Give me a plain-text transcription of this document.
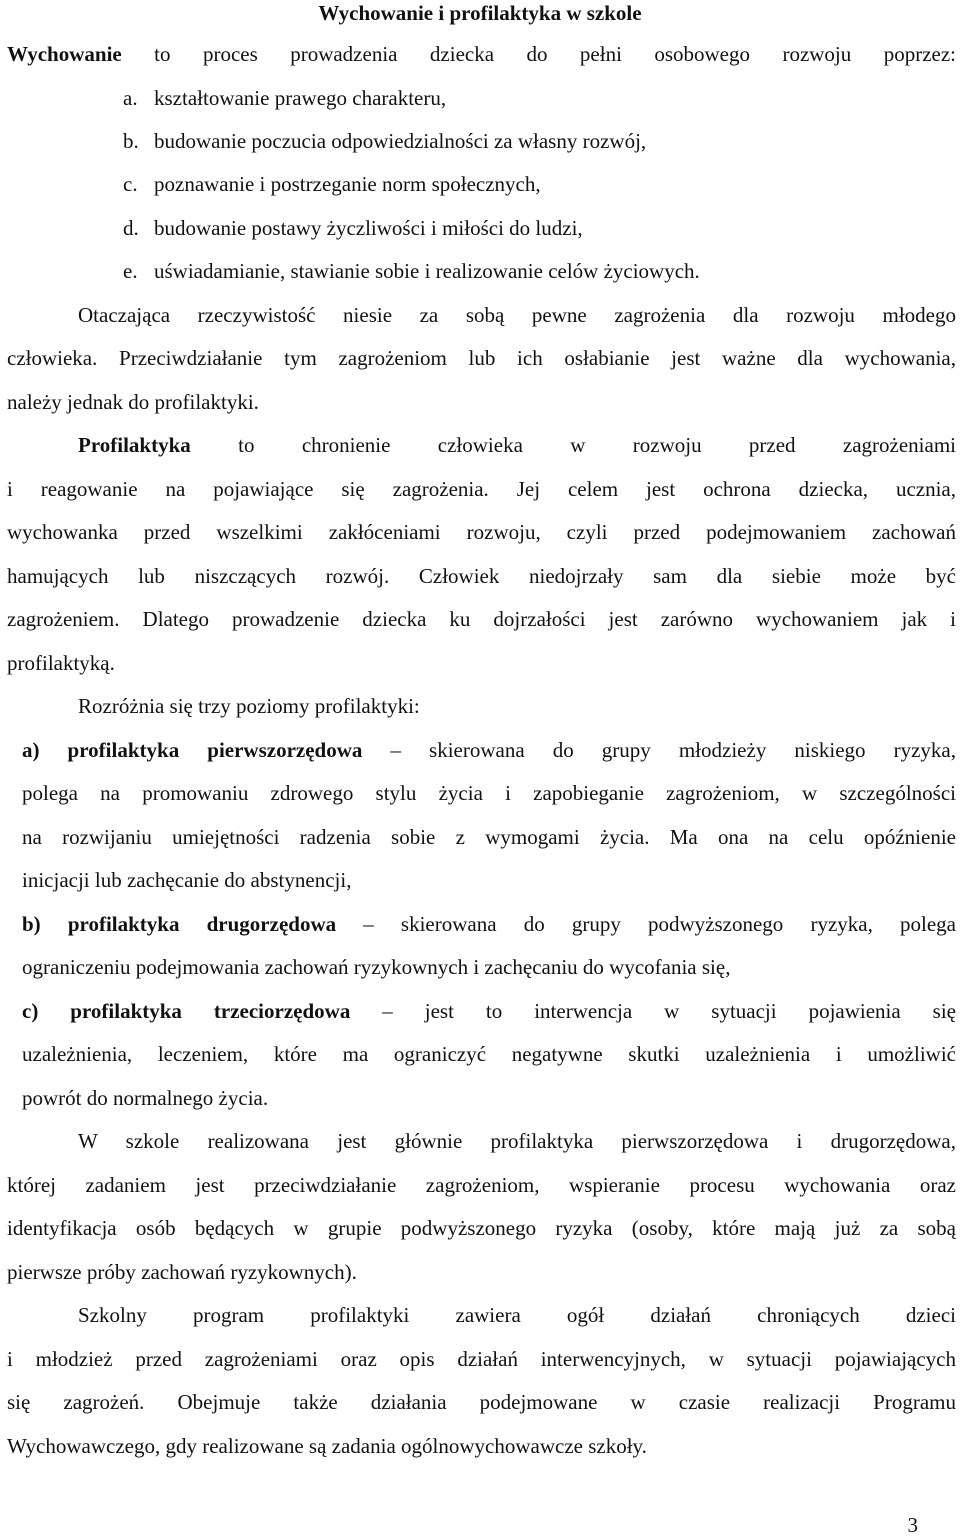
Wychowanie i profilaktyka w szkole
Wychowanie to proces prowadzenia dziecka do pełni osobowego rozwoju poprzez:
a. kształtowanie prawego charakteru,
b. budowanie poczucia odpowiedzialności za własny rozwój,
c. poznawanie i postrzeganie norm społecznych,
d. budowanie postawy życzliwości i miłości do ludzi,
e. uświadamianie, stawianie sobie i realizowanie celów życiowych.
Otaczająca rzeczywistość niesie za sobą pewne zagrożenia dla rozwoju młodego
człowieka. Przeciwdziałanie tym zagrożeniom lub ich osłabianie jest ważne dla wychowania,
należy jednak do profilaktyki.
Profilaktyka to chronienie człowieka w rozwoju przed zagrożeniami
i reagowanie na pojawiające się zagrożenia. Jej celem jest ochrona dziecka, ucznia,
wychowanka przed wszelkimi zakłóceniami rozwoju, czyli przed podejmowaniem zachowań
hamujących lub niszczących rozwój. Człowiek niedojrzały sam dla siebie może być
zagrożeniem. Dlatego prowadzenie dziecka ku dojrzałości jest zarówno wychowaniem jak i
profilaktyką.
Rozróżnia się trzy poziomy profilaktyki:
a) profilaktyka pierwszorzędowa – skierowana do grupy młodzieży niskiego ryzyka,
polega na promowaniu zdrowego stylu życia i zapobieganie zagrożeniom, w szczególności
na rozwijaniu umiejętności radzenia sobie z wymogami życia. Ma ona na celu opóźnienie
inicjacji lub zachęcanie do abstynencji,
b) profilaktyka drugorzędowa – skierowana do grupy podwyższonego ryzyka, polega
ograniczeniu podejmowania zachowań ryzykownych i zachęcaniu do wycofania się,
c) profilaktyka trzeciorzędowa – jest to interwencja w sytuacji pojawienia się
uzależnienia, leczeniem, które ma ograniczyć negatywne skutki uzależnienia i umożliwić
powrót do normalnego życia.
W szkole realizowana jest głównie profilaktyka pierwszorzędowa i drugorzędowa,
której zadaniem jest przeciwdziałanie zagrożeniom, wspieranie procesu wychowania oraz
identyfikacja osób będących w grupie podwyższonego ryzyka (osoby, które mają już za sobą
pierwsze próby zachowań ryzykownych).
Szkolny program profilaktyki zawiera ogół działań chroniących dzieci
i młodzież przed zagrożeniami oraz opis działań interwencyjnych, w sytuacji pojawiających
się zagrożeń. Obejmuje także działania podejmowane w czasie realizacji Programu
Wychowawczego, gdy realizowane są zadania ogólnowychowawcze szkoły.
3
